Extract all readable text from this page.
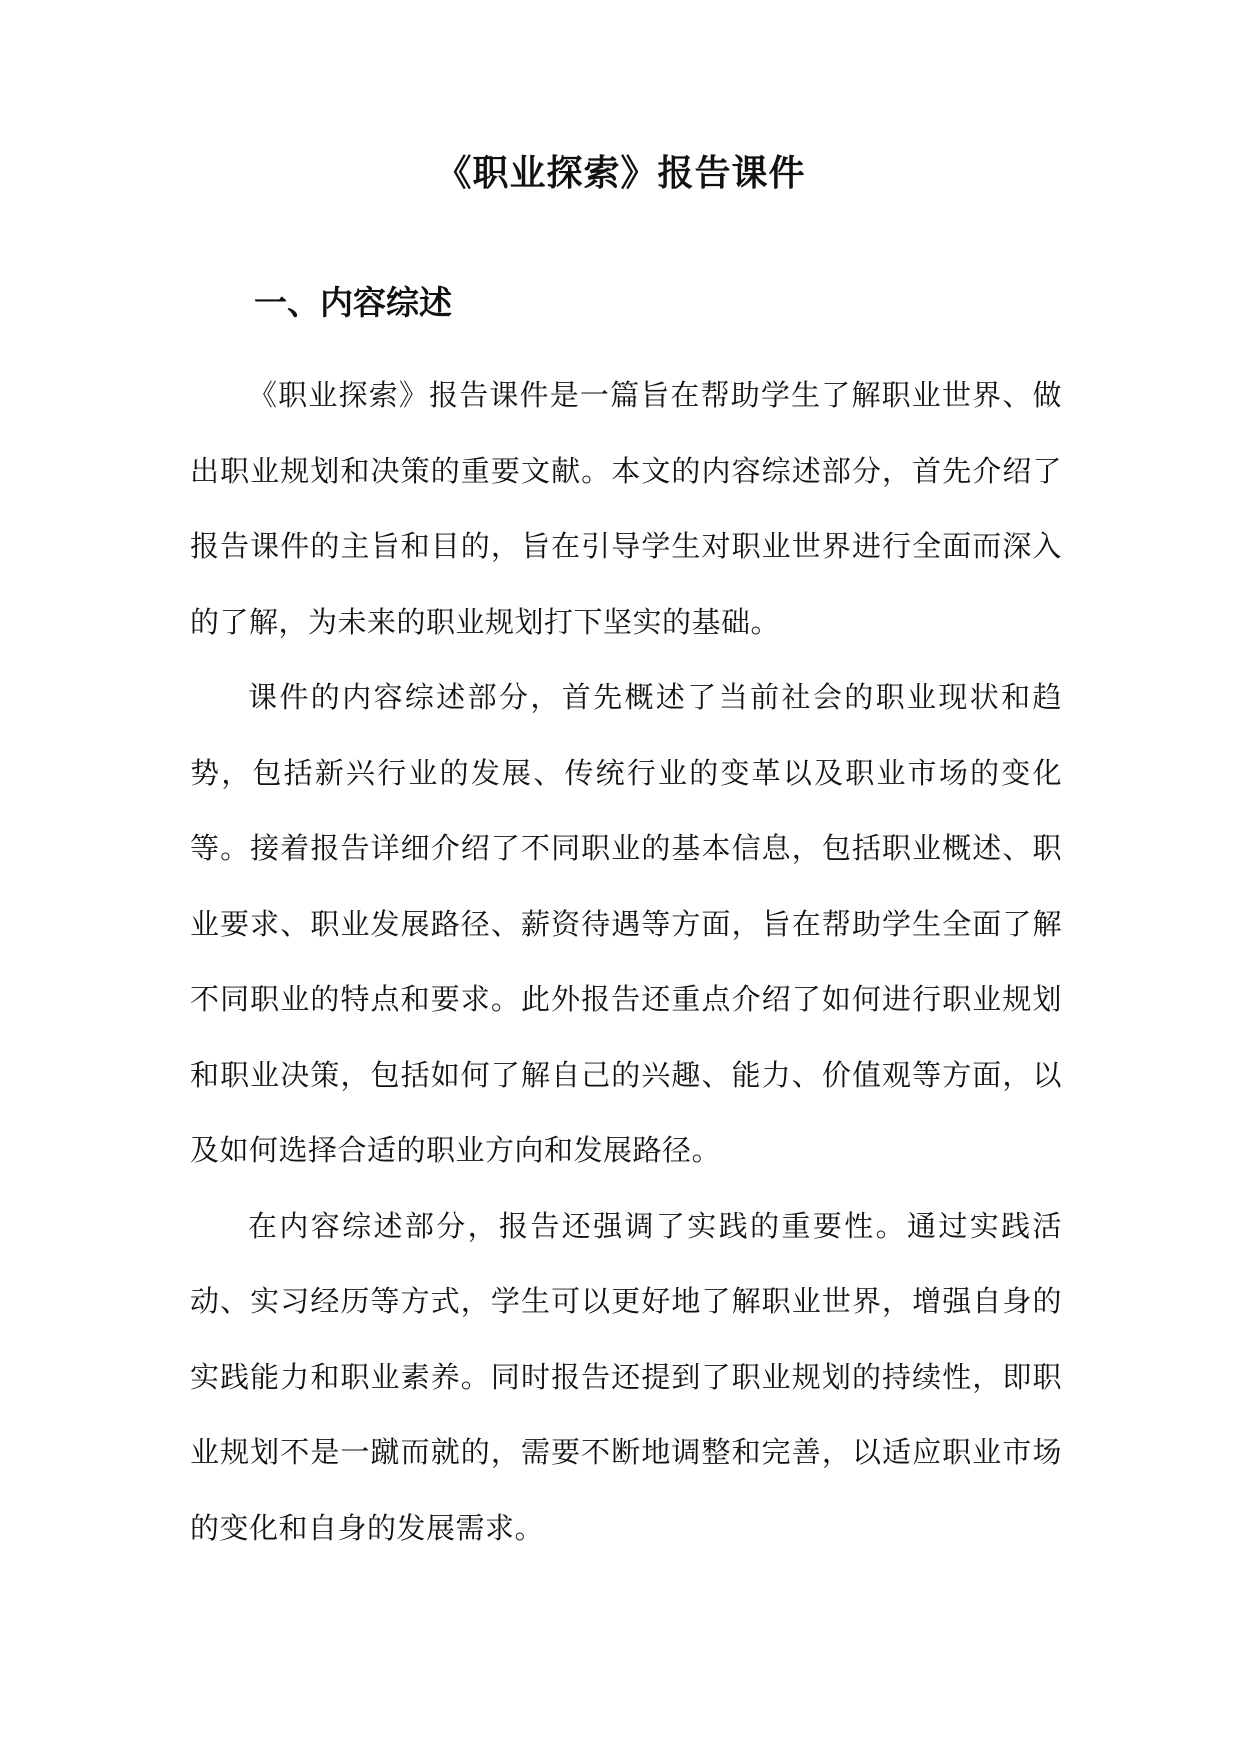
《职业探索》报告课件
一、内容综述

《职业探索》报告课件是一篇旨在帮助学生了解职业世界、做出职业规划和决策的重要文献。本文的内容综述部分，首先介绍了报告课件的主旨和目的，旨在引导学生对职业世界进行全面而深入的了解，为未来的职业规划打下坚实的基础。

课件的内容综述部分，首先概述了当前社会的职业现状和趋势，包括新兴行业的发展、传统行业的变革以及职业市场的变化等。接着报告详细介绍了不同职业的基本信息，包括职业概述、职业要求、职业发展路径、薪资待遇等方面，旨在帮助学生全面了解不同职业的特点和要求。此外报告还重点介绍了如何进行职业规划和职业决策，包括如何了解自己的兴趣、能力、价值观等方面，以及如何选择合适的职业方向和发展路径。

在内容综述部分，报告还强调了实践的重要性。通过实践活动、实习经历等方式，学生可以更好地了解职业世界，增强自身的实践能力和职业素养。同时报告还提到了职业规划的持续性，即职业规划不是一蹴而就的，需要不断地调整和完善，以适应职业市场的变化和自身的发展需求。
